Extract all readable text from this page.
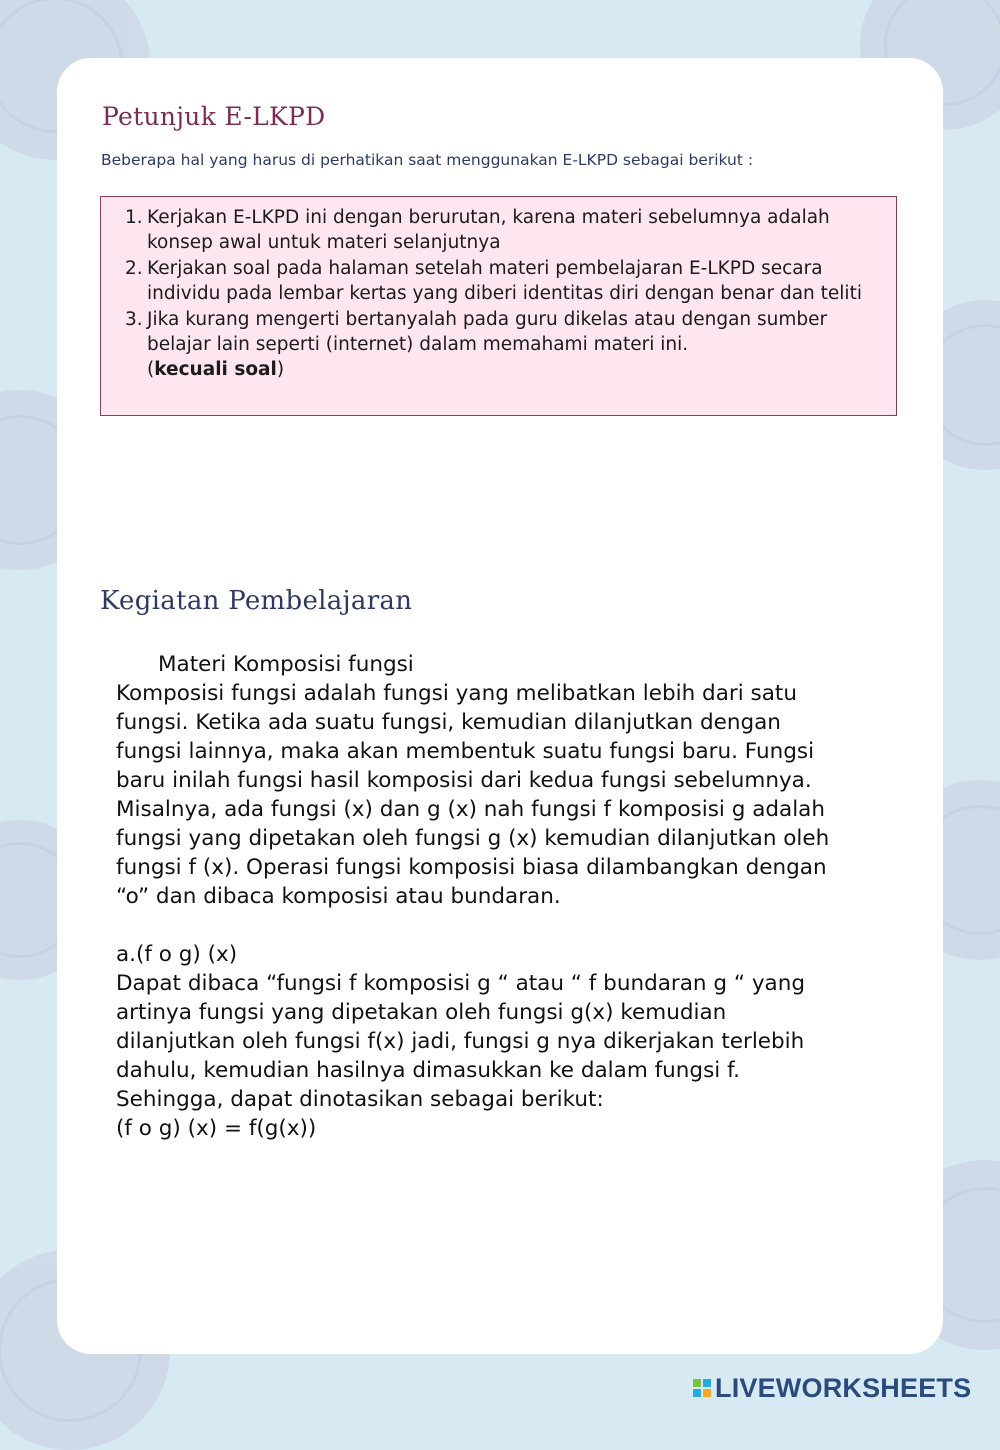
Petunjuk E-LKPD

Beberapa hal yang harus di perhatikan saat menggunakan E-LKPD sebagai berikut :

1. Kerjakan E-LKPD ini dengan berurutan, karena materi sebelumnya adalah konsep awal untuk materi selanjutnya
2. Kerjakan soal pada halaman setelah materi pembelajaran E-LKPD secara individu pada lembar kertas yang diberi identitas diri dengan benar dan teliti
3. Jika kurang mengerti bertanyalah pada guru dikelas atau dengan sumber belajar lain seperti (internet) dalam memahami materi ini.
(kecuali soal)
Kegiatan Pembelajaran

Materi Komposisi fungsi

Komposisi fungsi adalah fungsi yang melibatkan lebih dari satu fungsi. Ketika ada suatu fungsi, kemudian dilanjutkan dengan fungsi lainnya, maka akan membentuk suatu fungsi baru. Fungsi baru inilah fungsi hasil komposisi dari kedua fungsi sebelumnya.

Misalnya, ada fungsi (x) dan g (x) nah fungsi f komposisi g adalah fungsi yang dipetakan oleh fungsi g (x) kemudian dilanjutkan oleh fungsi f (x). Operasi fungsi komposisi biasa dilambangkan dengan “o” dan dibaca komposisi atau bundaran.

a.(f o g) (x)

Dapat dibaca “fungsi f komposisi g “ atau “ f bundaran g “ yang artinya fungsi yang dipetakan oleh fungsi g(x) kemudian dilanjutkan oleh fungsi f(x) jadi, fungsi g nya dikerjakan terlebih dahulu, kemudian hasilnya dimasukkan ke dalam fungsi f. Sehingga, dapat dinotasikan sebagai berikut:

(f o g) (x) = f(g(x))

LIVEWORKSHEETS
